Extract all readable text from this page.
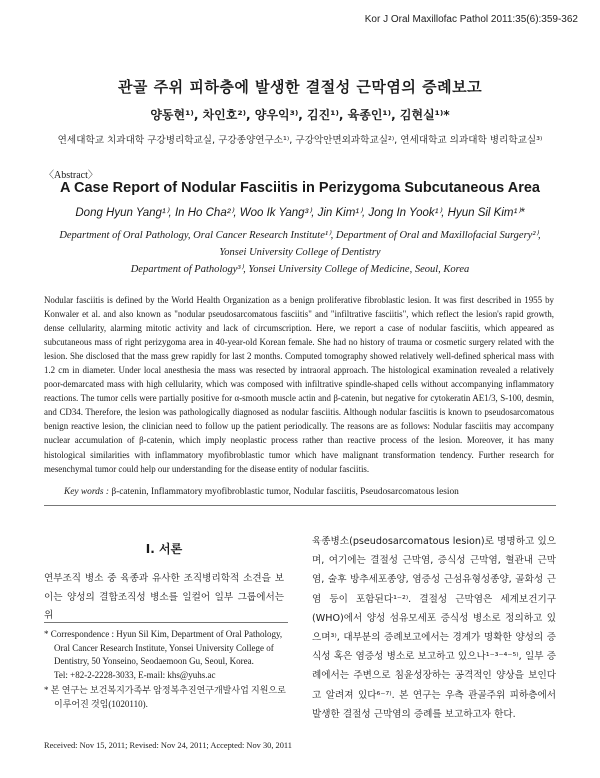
Kor J Oral Maxillofac Pathol 2011:35(6):359-362
관골 주위 피하층에 발생한 결절성 근막염의 증례보고
양동현¹⁾, 차인호²⁾, 양우익³⁾, 김진¹⁾, 육종인¹⁾, 김현실¹⁾*
연세대학교 치과대학 구강병리학교실, 구강종양연구소¹⁾, 구강악안면외과학교실²⁾, 연세대학교 의과대학 병리학교실³⁾
〈Abstract〉
A Case Report of Nodular Fasciitis in Perizygoma Subcutaneous Area
Dong Hyun Yang¹⁾, In Ho Cha²⁾, Woo Ik Yang³⁾, Jin Kim¹⁾, Jong In Yook¹⁾, Hyun Sil Kim¹⁾*
Department of Oral Pathology, Oral Cancer Research Institute¹⁾, Department of Oral and Maxillofacial Surgery²⁾,
Yonsei University College of Dentistry
Department of Pathology³⁾, Yonsei University College of Medicine, Seoul, Korea
Nodular fasciitis is defined by the World Health Organization as a benign proliferative fibroblastic lesion. It was first described in 1955 by Konwaler et al. and also known as "nodular pseudosarcomatous fasciitis" and "infiltrative fasciitis", which reflect the lesion's rapid growth, dense cellularity, alarming mitotic activity and lack of circumscription. Here, we report a case of nodular fasciitis, which appeared as subcutaneous mass of right perizygoma area in 40-year-old Korean female. She had no history of trauma or cosmetic surgery related with the lesion. She disclosed that the mass grew rapidly for last 2 months. Computed tomography showed relatively well-defined spherical mass with 1.2 cm in diameter. Under local anesthesia the mass was resected by intraoral approach. The histological examination revealed a relatively poor-demarcated mass with high cellularity, which was composed with infiltrative spindle-shaped cells without accompanying inflammatory reactions. The tumor cells were partially positive for α-smooth muscle actin and β-catenin, but negative for cytokeratin AE1/3, S-100, desmin, and CD34. Therefore, the lesion was pathologically diagnosed as nodular fasciitis. Although nodular fasciitis is known to pseudosarcomatous benign reactive lesion, the clinician need to follow up the patient periodically. The reasons are as follows: Nodular fasciitis may accompany nuclear accumulation of β-catenin, which imply neoplastic process rather than reactive process of the lesion. Moreover, it has many histological similarities with inflammatory myofibroblastic tumor which have malignant transformation tendency. Further research for mesenchymal tumor could help our understanding for the disease entity of nodular fasciitis.
Key words : β-catenin, Inflammatory myofibroblastic tumor, Nodular fasciitis, Pseudosarcomatous lesion
Ⅰ. 서론
연부조직 병소 중 육종과 유사한 조직병리학적 소견을 보이는 양성의 결합조직성 병소를 일컬어 일부 그룹에서는 위
육종병소(pseudosarcomatous lesion)로 명명하고 있으며, 여기에는 결절성 근막염, 증식성 근막염, 혈관내 근막염, 술후 방추세포종양, 염증성 근섬유형성종양, 골화성 근염 등이 포함된다¹⁻²⁾. 결절성 근막염은 세계보건기구(WHO)에서 양성 섬유모세포 증식성 병소로 정의하고 있으며³⁾, 대부분의 증례보고에서는 경계가 명확한 양성의 증식성 혹은 염증성 병소로 보고하고 있으나¹⁻³⁻⁴⁻⁵⁾, 일부 증례에서는 주변으로 침윤성장하는 공격적인 양상을 보인다고 알려져 있다⁶⁻⁷⁾. 본 연구는 우측 관골주위 피하층에서 발생한 결절성 근막염의 증례를 보고하고자 한다.
* Correspondence : Hyun Sil Kim, Department of Oral Pathology,
Oral Cancer Research Institute, Yonsei University College of
Dentistry, 50 Yonseino, Seodaemoon Gu, Seoul, Korea.
Tel: +82-2-2228-3033, E-mail: khs@yuhs.ac
* 본 연구는 보건복지가족부 암정복추진연구개발사업 지원으로
이루어진 것임(1020110).
Received: Nov 15, 2011; Revised: Nov 24, 2011; Accepted: Nov 30, 2011
